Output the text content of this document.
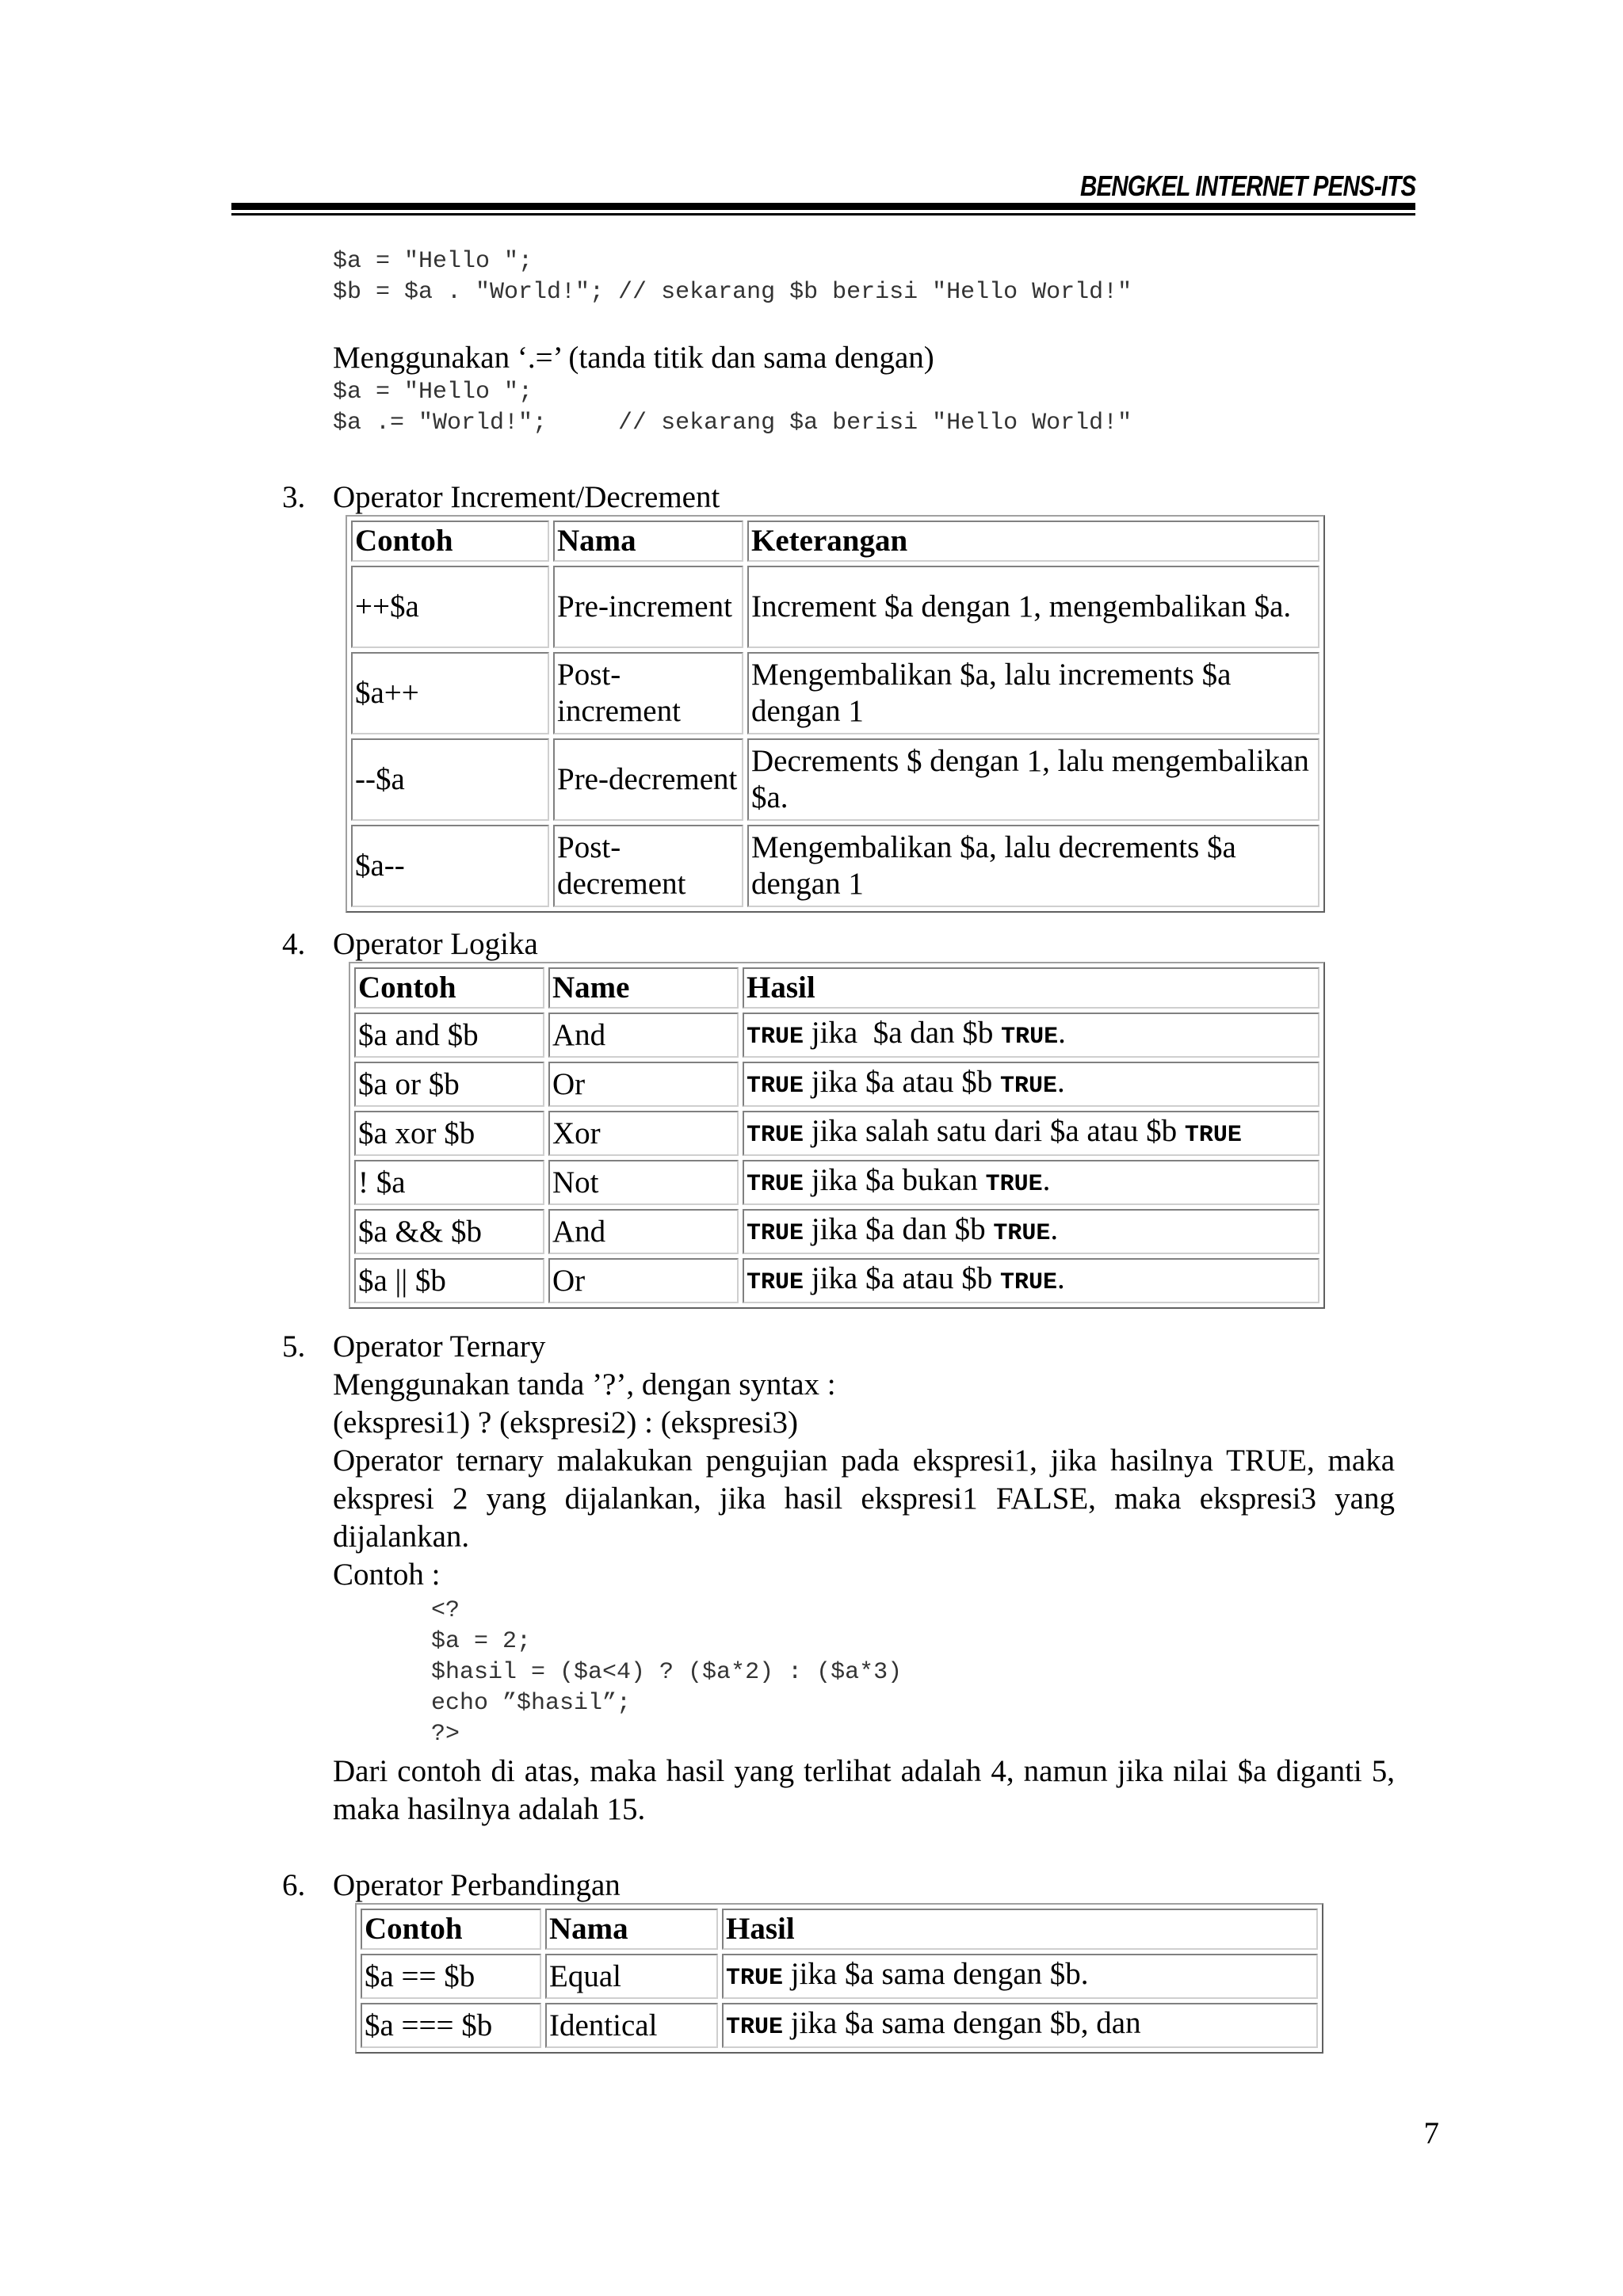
BENGKEL INTERNET PENS-ITS
$a = "Hello ";
$b = $a . "World!"; // sekarang $b berisi "Hello World!"
Menggunakan ‘.=’ (tanda titik dan sama dengan)
$a = "Hello ";
$a .= "World!";     // sekarang $a berisi "Hello World!"
3. Operator Increment/Decrement
Contoh	Nama	Keterangan
++$a	Pre-increment	Increment $a dengan 1, mengembalikan $a.
$a++	Post-increment	Mengembalikan $a, lalu increments $a dengan 1
--$a	Pre-decrement	Decrements $ dengan 1, lalu mengembalikan $a.
$a--	Post-decrement	Mengembalikan $a, lalu decrements $a dengan 1
4. Operator Logika
Contoh	Name	Hasil
$a and $b	And	TRUE jika  $a dan $b TRUE.
$a or $b	Or	TRUE jika $a atau $b TRUE.
$a xor $b	Xor	TRUE jika salah satu dari $a atau $b TRUE
! $a	Not	TRUE jika $a bukan TRUE.
$a && $b	And	TRUE jika $a dan $b TRUE.
$a || $b	Or	TRUE jika $a atau $b TRUE.
5. Operator Ternary
Menggunakan tanda ’?’, dengan syntax :
(ekspresi1) ? (ekspresi2) : (ekspresi3)

Operator ternary malakukan pengujian pada ekspresi1, jika hasilnya TRUE, maka ekspresi 2 yang dijalankan, jika hasil ekspresi1 FALSE, maka ekspresi3 yang dijalankan.

Contoh :
<?
$a = 2;
$hasil = ($a<4) ? ($a*2) : ($a*3)
echo ”$hasil”;
?>

Dari contoh di atas, maka hasil yang terlihat adalah 4, namun jika nilai $a diganti 5, maka hasilnya adalah 15.

6. Operator Perbandingan
Contoh	Nama	Hasil
$a == $b	Equal	TRUE jika $a sama dengan $b.
$a === $b	Identical	TRUE jika $a sama dengan $b, dan
7
